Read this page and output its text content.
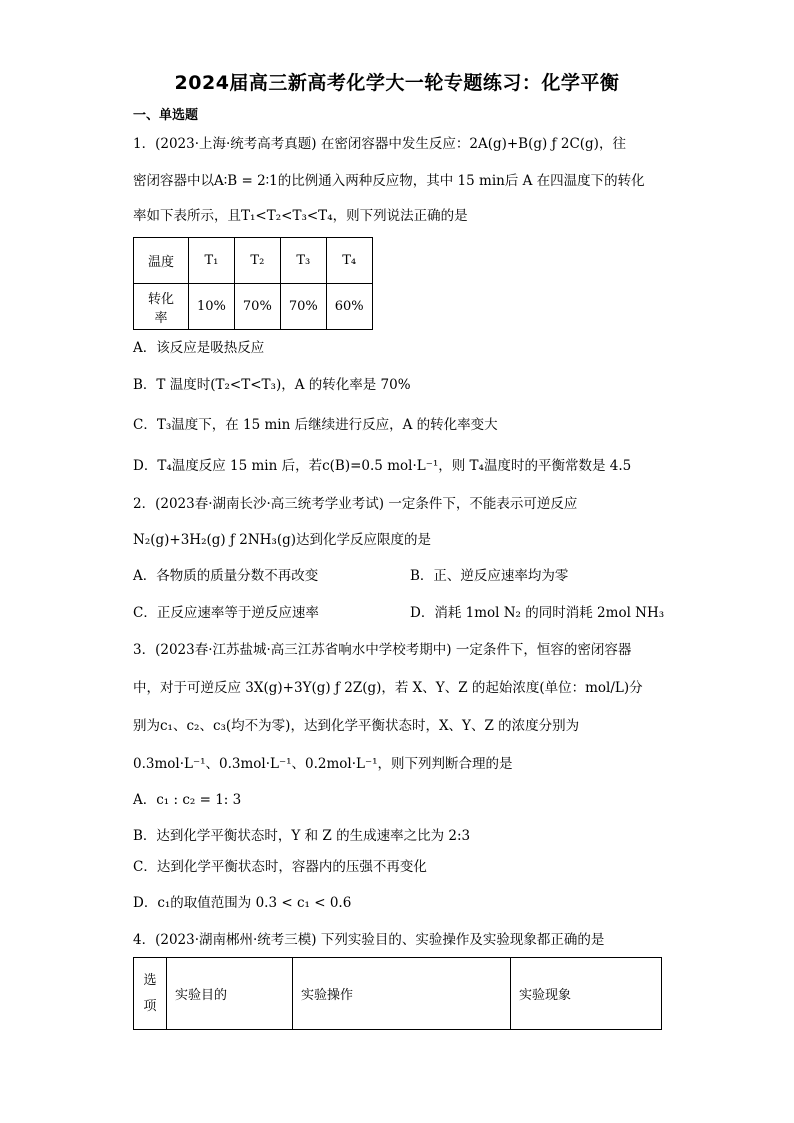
2024届高三新高考化学大一轮专题练习：化学平衡
一、单选题
1．(2023·上海·统考高考真题) 在密闭容器中发生反应：2A(g)+B(g) ƒ 2C(g)，往
密闭容器中以A∶B = 2∶1的比例通入两种反应物，其中 15 min后 A 在四温度下的转化
率如下表所示，且T₁<T₂<T₃<T₄，则下列说法正确的是
温度	T₁	T₂	T₃	T₄
转化率	10%	70%	70%	60%
A．该反应是吸热反应
B．T 温度时(T₂<T<T₃)，A 的转化率是 70%
C．T₃温度下，在 15 min 后继续进行反应，A 的转化率变大
D．T₄温度反应 15 min 后，若c(B)=0.5 mol·L⁻¹，则 T₄温度时的平衡常数是 4.5
2．(2023春·湖南长沙·高三统考学业考试) 一定条件下，不能表示可逆反应
N₂(g)+3H₂(g) ƒ 2NH₃(g)达到化学反应限度的是
A．各物质的质量分数不再改变	B．正、逆反应速率均为零
C．正反应速率等于逆反应速率	D．消耗 1mol N₂ 的同时消耗 2mol NH₃
3．(2023春·江苏盐城·高三江苏省响水中学校考期中) 一定条件下，恒容的密闭容器
中，对于可逆反应 3X(g)+3Y(g) ƒ 2Z(g)，若 X、Y、Z 的起始浓度(单位：mol/L)分
别为c₁、c₂、c₃(均不为零)，达到化学平衡状态时，X、Y、Z 的浓度分别为
0.3mol·L⁻¹、0.3mol·L⁻¹、0.2mol·L⁻¹，则下列判断合理的是
A．c₁ : c₂ = 1: 3
B．达到化学平衡状态时，Y 和 Z 的生成速率之比为 2:3
C．达到化学平衡状态时，容器内的压强不再变化
D．c₁的取值范围为 0.3 < c₁ < 0.6
4．(2023·湖南郴州·统考三模) 下列实验目的、实验操作及实验现象都正确的是
选
项	实验目的	实验操作	实验现象
